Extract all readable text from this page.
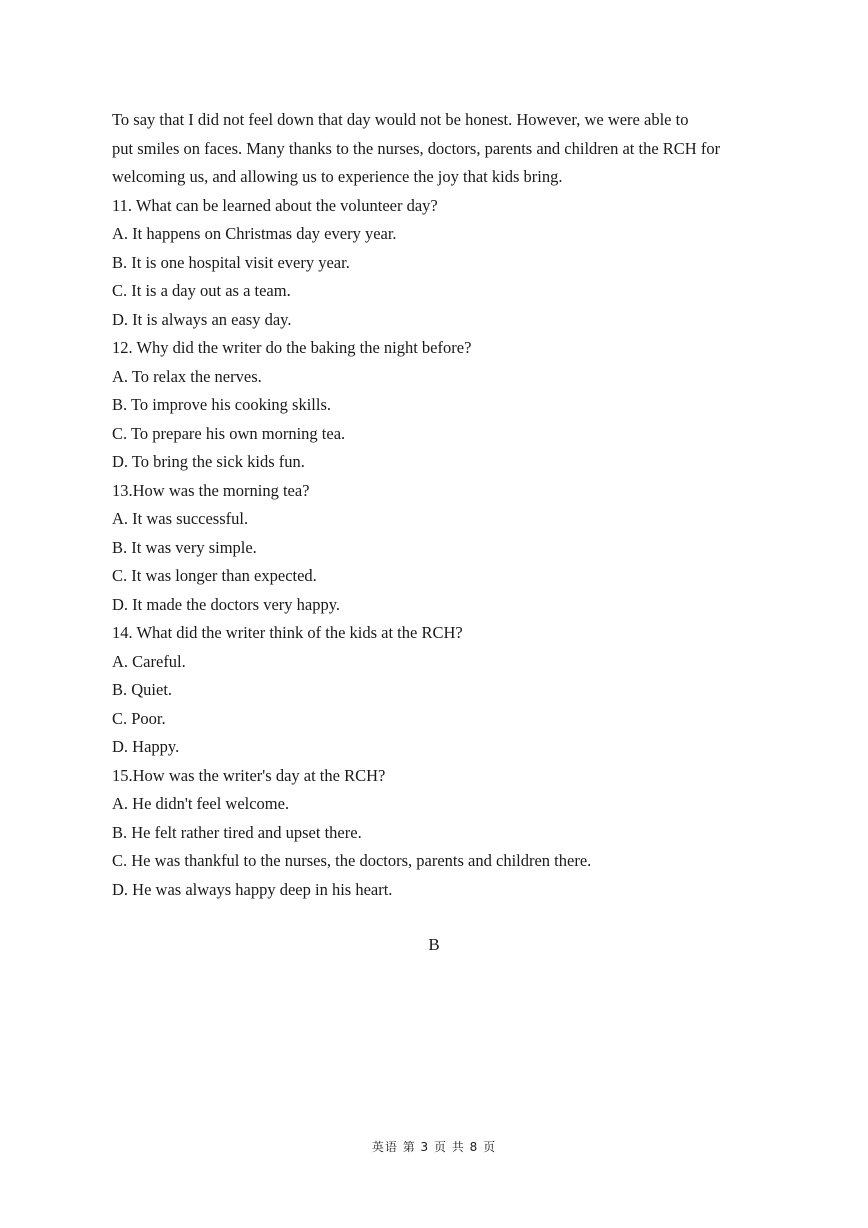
To say that I did not feel down that day would not be honest. However, we were able to
put smiles on faces. Many thanks to the nurses, doctors, parents and children at the RCH for
welcoming us, and allowing us to experience the joy that kids bring.
11. What can be learned about the volunteer day?
A. It happens on Christmas day every year.
B. It is one hospital visit every year.
C. It is a day out as a team.
D. It is always an easy day.
12. Why did the writer do the baking the night before?
A. To relax the nerves.
B. To improve his cooking skills.
C. To prepare his own morning tea.
D. To bring the sick kids fun.
13.How was the morning tea?
A. It was successful.
B. It was very simple.
C. It was longer than expected.
D. It made the doctors very happy.
14. What did the writer think of the kids at the RCH?
A. Careful.
B. Quiet.
C. Poor.
D. Happy.
15.How was the writer's day at the RCH?
A. He didn't feel welcome.
B. He felt rather tired and upset there.
C. He was thankful to the nurses, the doctors, parents and children there.
D. He was always happy deep in his heart.
B
英语 第 3 页 共 8 页
